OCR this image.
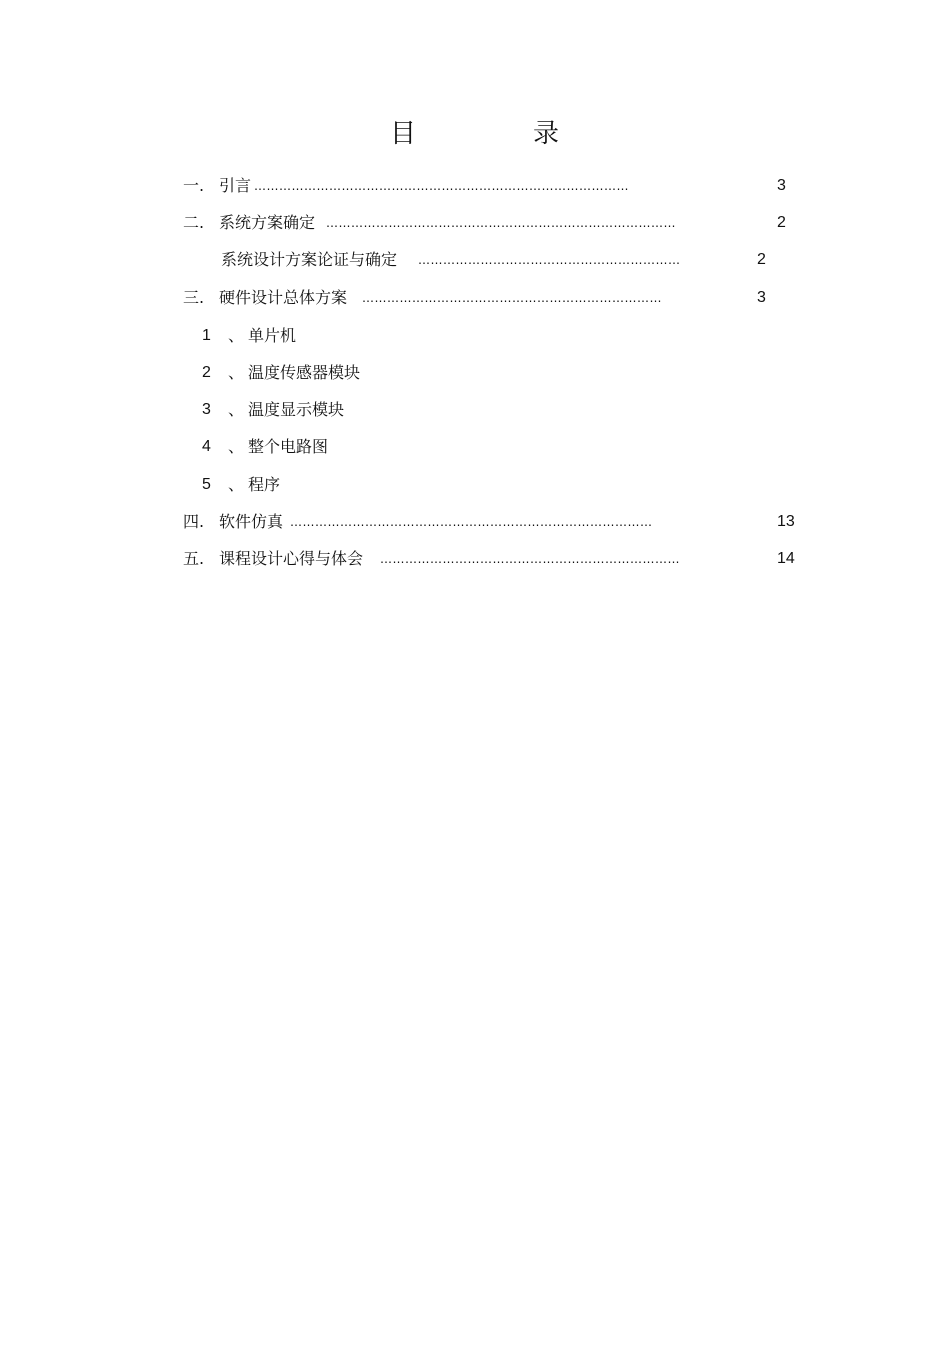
目	录
一. 引言 ………………………………………………………………………………	3
二. 系统方案确定 …………………………………………………………………………	2
系统设计方案论证与确定 ………………………………………………………	2
三. 硬件设计总体方案 ………………………………………………………………	3
1 、 单片机
2 、 温度传感器模块
3 、 温度显示模块
4 、 整个电路图
5 、 程序
四. 软件仿真 ……………………………………………………………………………	13
五. 课程设计心得与体会 ………………………………………………………………	14
